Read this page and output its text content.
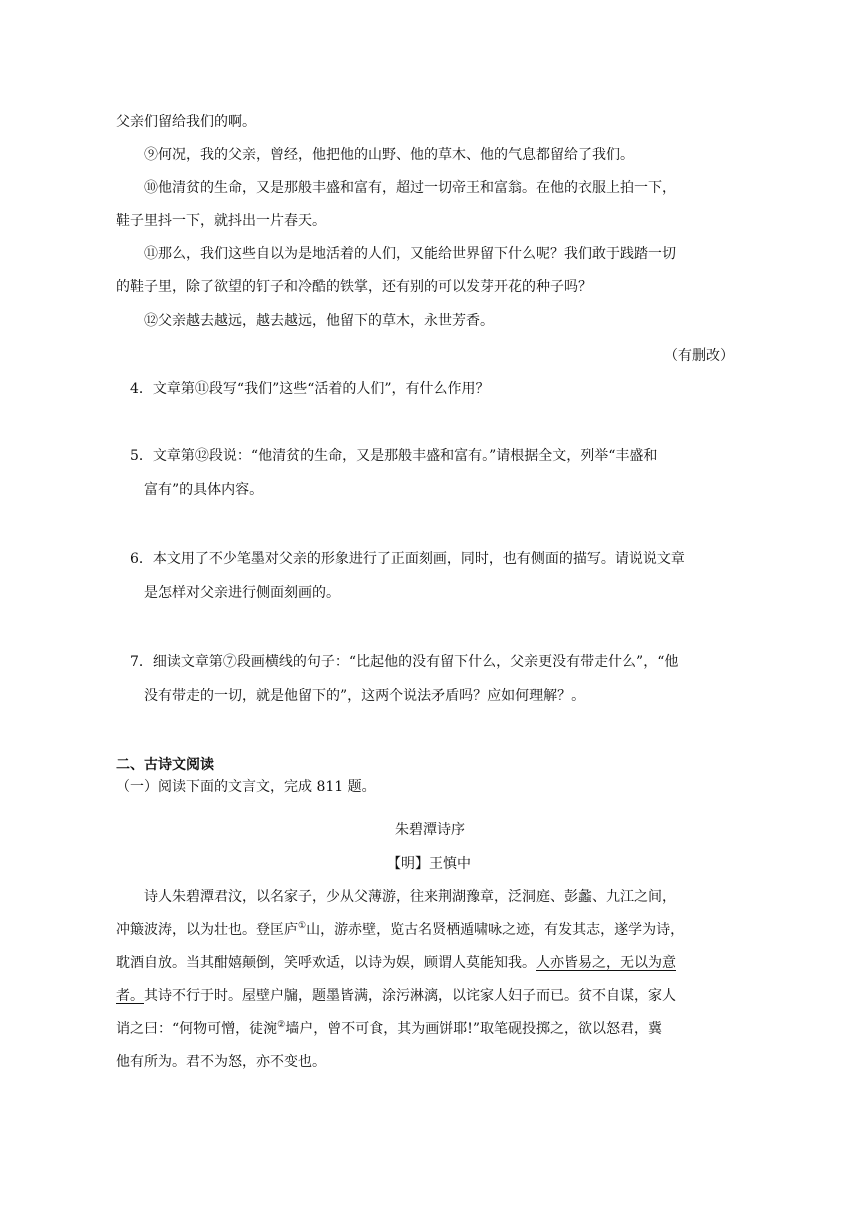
父亲们留给我们的啊。
⑨何况，我的父亲，曾经，他把他的山野、他的草木、他的气息都留给了我们。
⑩他清贫的生命，又是那般丰盛和富有，超过一切帝王和富翁。在他的衣服上拍一下，
鞋子里抖一下，就抖出一片春天。
⑪那么，我们这些自以为是地活着的人们，又能给世界留下什么呢？我们敢于践踏一切
的鞋子里，除了欲望的钉子和冷酷的铁掌，还有别的可以发芽开花的种子吗？
⑫父亲越去越远，越去越远，他留下的草木，永世芳香。
（有删改）
4．文章第⑪段写“我们”这些“活着的人们”，有什么作用？
5．文章第⑫段说：“他清贫的生命，又是那般丰盛和富有。”请根据全文，列举“丰盛和
富有”的具体内容。
6．本文用了不少笔墨对父亲的形象进行了正面刻画，同时，也有侧面的描写。请说说文章
是怎样对父亲进行侧面刻画的。
7．细读文章第⑦段画横线的句子：“比起他的没有留下什么，父亲更没有带走什么”，“他
没有带走的一切，就是他留下的”，这两个说法矛盾吗？应如何理解？。
二、古诗文阅读
（一）阅读下面的文言文，完成 811 题。
朱碧潭诗序
【明】王慎中
诗人朱碧潭君汶，以名家子，少从父薄游，往来荆湖豫章，泛洞庭、彭蠡、九江之间，
冲簸波涛，以为壮也。登匡庐①山，游赤壁，览古名贤栖遁啸咏之迹，有发其志，遂学为诗，
耽酒自放。当其酣嬉颠倒，笑呼欢适，以诗为娱，顾谓人莫能知我。人亦皆易之，无以为意
者。其诗不行于时。屋壁户牖，题墨皆满，涂污淋漓，以诧家人妇子而已。贫不自谋，家人
诮之曰：“何物可憎，徒涴②墙户，曾不可食，其为画饼耶!”取笔砚投掷之，欲以怒君，冀
他有所为。君不为怒，亦不变也。
